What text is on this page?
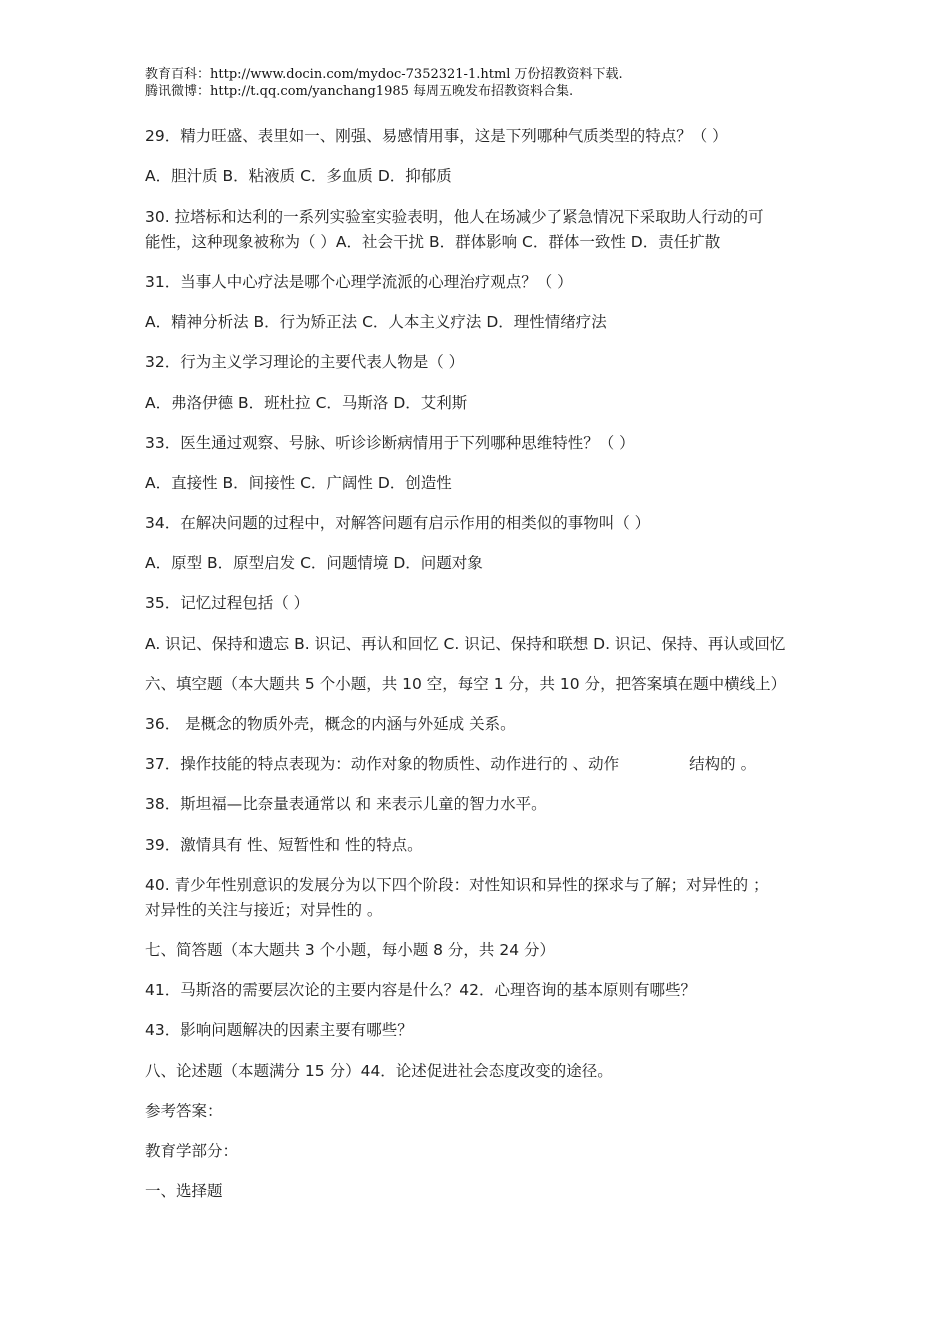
教育百科：http://www.docin.com/mydoc-7352321-1.html 万份招教资料下载.
腾讯微博：http://t.qq.com/yanchang1985 每周五晚发布招教资料合集.
29．精力旺盛、表里如一、刚强、易感情用事，这是下列哪种气质类型的特点？（ ）
A．胆汁质 B．粘液质 C．多血质 D．抑郁质
30. 拉塔标和达利的一系列实验室实验表明，他人在场减少了紧急情况下采取助人行动的可
能性，这种现象被称为（ ）A．社会干扰 B．群体影响 C．群体一致性 D．责任扩散
31．当事人中心疗法是哪个心理学流派的心理治疗观点？（ ）
A．精神分析法 B．行为矫正法 C．人本主义疗法 D．理性情绪疗法
32．行为主义学习理论的主要代表人物是（ ）
A．弗洛伊德 B．班杜拉 C．马斯洛 D．艾利斯
33．医生通过观察、号脉、听诊诊断病情用于下列哪种思维特性？（ ）
A．直接性 B．间接性 C．广阔性 D．创造性
34．在解决问题的过程中，对解答问题有启示作用的相类似的事物叫（ ）
A．原型 B．原型启发 C．问题情境 D．问题对象
35．记忆过程包括（ ）
A. 识记、保持和遗忘 B. 识记、再认和回忆 C. 识记、保持和联想 D. 识记、保持、再认或回忆
六、填空题（本大题共 5 个小题，共 10 空，每空 1 分，共 10 分，把答案填在题中横线上）
36． 是概念的物质外壳，概念的内涵与外延成 关系。
37．操作技能的特点表现为：动作对象的物质性、动作进行的 、动作	结构的 。
38．斯坦福—比奈量表通常以 和 来表示儿童的智力水平。
39．激情具有 性、短暂性和 性的特点。
40. 青少年性别意识的发展分为以下四个阶段：对性知识和异性的探求与了解；对异性的 ；
对异性的关注与接近；对异性的 。
七、简答题（本大题共 3 个小题，每小题 8 分，共 24 分）
41．马斯洛的需要层次论的主要内容是什么？42．心理咨询的基本原则有哪些？
43．影响问题解决的因素主要有哪些？
八、论述题（本题满分 15 分）44．论述促进社会态度改变的途径。
参考答案：
教育学部分：
一、选择题
